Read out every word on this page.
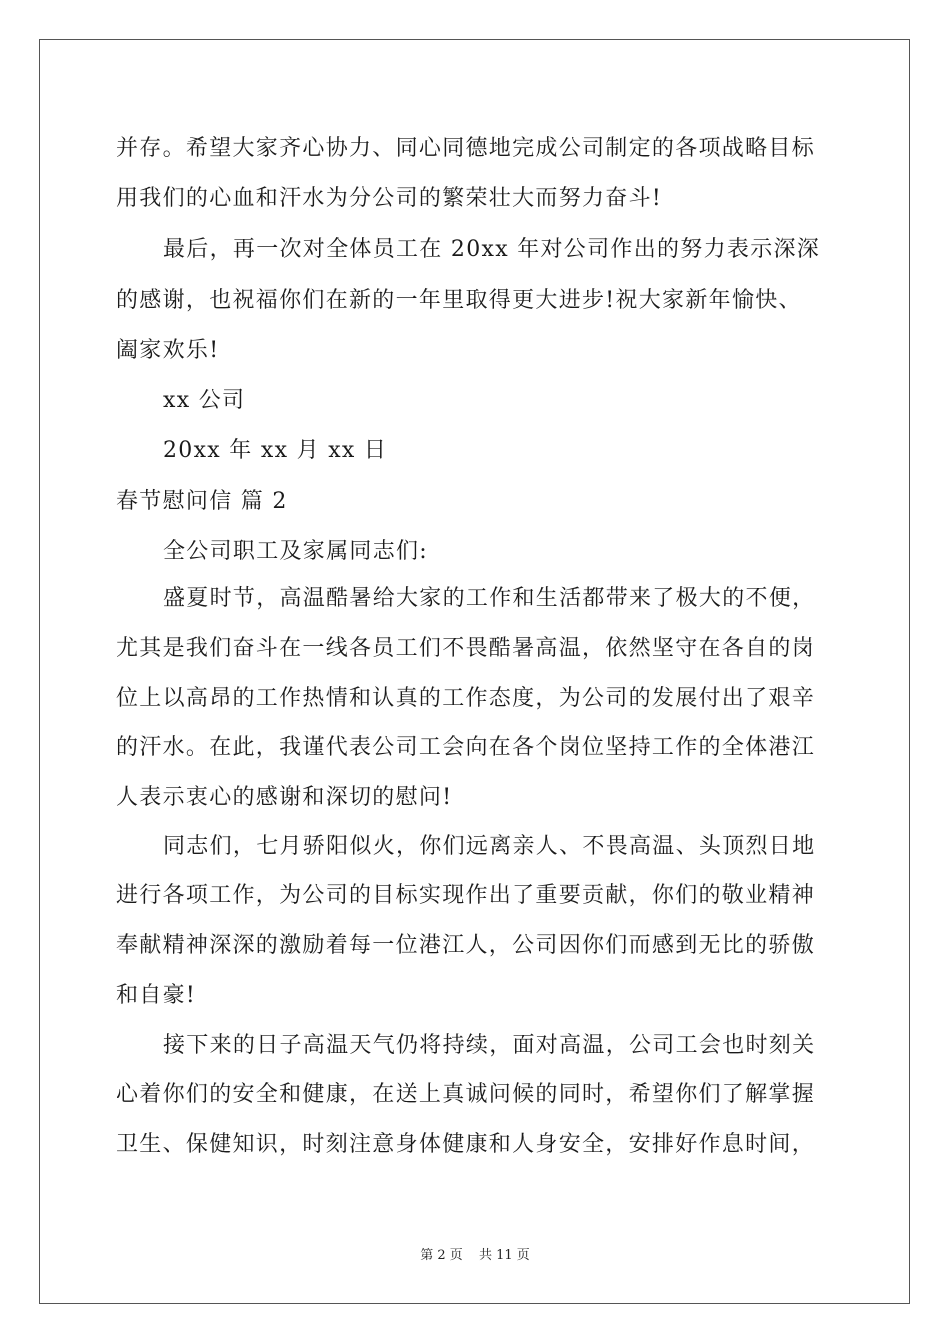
并存。希望大家齐心协力、同心同德地完成公司制定的各项战略目标
用我们的心血和汗水为分公司的繁荣壮大而努力奋斗!
最后，再一次对全体员工在 20xx 年对公司作出的努力表示深深
的感谢，也祝福你们在新的一年里取得更大进步!祝大家新年愉快、
阖家欢乐!
xx 公司
20xx 年 xx 月 xx 日
春节慰问信 篇 2
全公司职工及家属同志们:
盛夏时节，高温酷暑给大家的工作和生活都带来了极大的不便，
尤其是我们奋斗在一线各员工们不畏酷暑高温，依然坚守在各自的岗
位上以高昂的工作热情和认真的工作态度，为公司的发展付出了艰辛
的汗水。在此，我谨代表公司工会向在各个岗位坚持工作的全体港江
人表示衷心的感谢和深切的慰问!
同志们，七月骄阳似火，你们远离亲人、不畏高温、头顶烈日地
进行各项工作，为公司的目标实现作出了重要贡献，你们的敬业精神
奉献精神深深的激励着每一位港江人，公司因你们而感到无比的骄傲
和自豪!
接下来的日子高温天气仍将持续，面对高温，公司工会也时刻关
心着你们的安全和健康，在送上真诚问候的同时，希望你们了解掌握
卫生、保健知识，时刻注意身体健康和人身安全，安排好作息时间，
第 2 页 共 11 页
